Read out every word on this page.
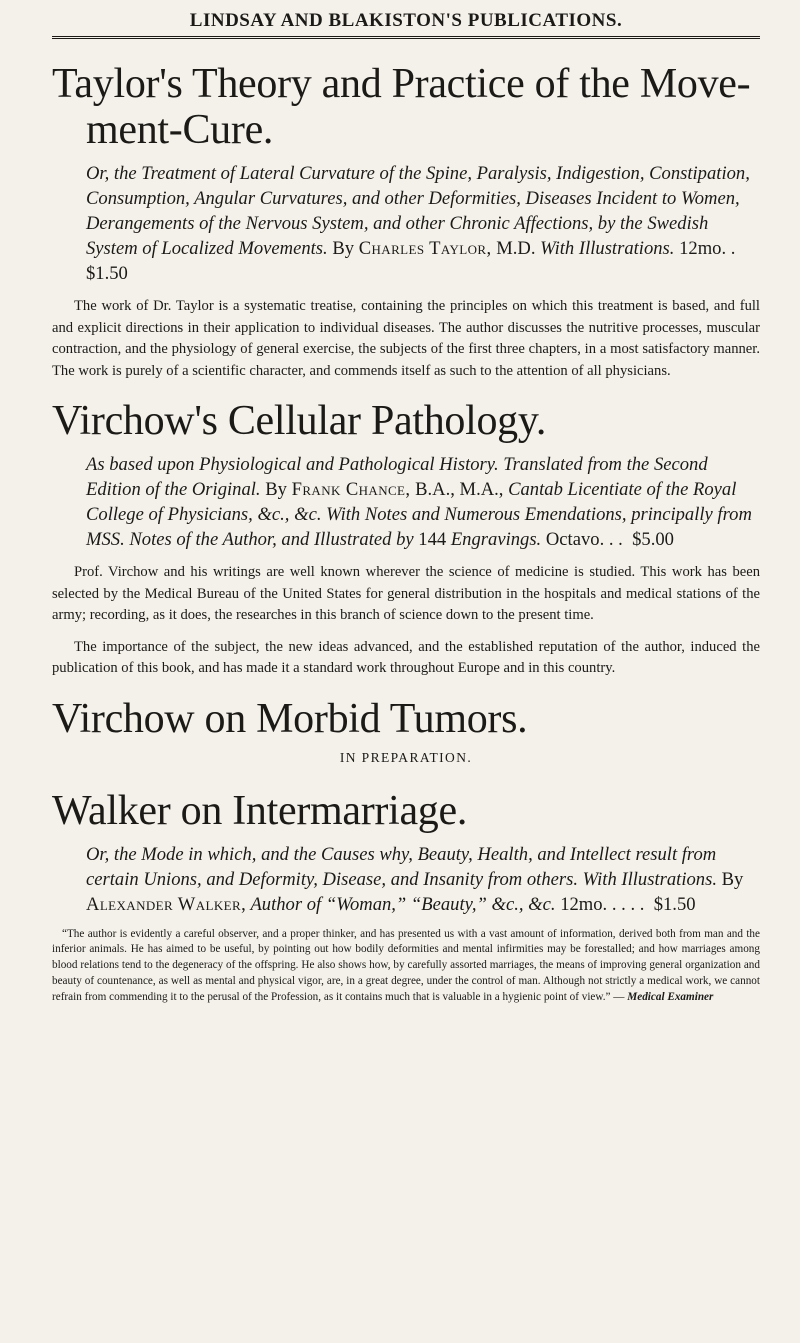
LINDSAY AND BLAKISTON'S PUBLICATIONS.
Taylor's Theory and Practice of the Move-
ment-Cure.

Or, the Treatment of Lateral Curvature of the Spine, Paralysis, Indigestion, Constipation, Consumption, Angular Curvatures, and other Deformities, Diseases Incident to Women, Derangements of the Nervous System, and other Chronic Affections, by the Swedish System of Localized Movements. By Charles Taylor, M.D. With Illustrations. 12mo. .  $1.50

The work of Dr. Taylor is a systematic treatise, containing the principles on which this treatment is based, and full and explicit directions in their application to individual diseases. The author discusses the nutritive processes, muscular contraction, and the physiology of general exercise, the subjects of the first three chapters, in a most satisfactory manner. The work is purely of a scientific character, and commends itself as such to the attention of all physicians.

Virchow's Cellular Pathology.

As based upon Physiological and Pathological History. Translated from the Second Edition of the Original. By Frank Chance, B.A., M.A., Cantab Licentiate of the Royal College of Physicians, &c., &c. With Notes and Numerous Emendations, principally from MSS. Notes of the Author, and Illustrated by 144 Engravings. Octavo. . . $5.00

Prof. Virchow and his writings are well known wherever the science of medicine is studied. This work has been selected by the Medical Bureau of the United States for general distribution in the hospitals and medical stations of the army; recording, as it does, the researches in this branch of science down to the present time.

The importance of the subject, the new ideas advanced, and the established reputation of the author, induced the publication of this book, and has made it a standard work throughout Europe and in this country.

Virchow on Morbid Tumors.

IN PREPARATION.

Walker on Intermarriage.

Or, the Mode in which, and the Causes why, Beauty, Health, and Intellect result from certain Unions, and Deformity, Disease, and Insanity from others. With Illustrations. By Alexander Walker, Author of “Woman,” “Beauty,” &c., &c. 12mo. . . . . $1.50

“The author is evidently a careful observer, and a proper thinker, and has presented us with a vast amount of information, derived both from man and the inferior animals. He has aimed to be useful, by pointing out how bodily deformities and mental infirmities may be forestalled; and how marriages among blood relations tend to the degeneracy of the offspring. He also shows how, by carefully assorted marriages, the means of improving general organization and beauty of countenance, as well as mental and physical vigor, are, in a great degree, under the control of man. Although not strictly a medical work, we cannot refrain from commending it to the perusal of the Profession, as it contains much that is valuable in a hygienic point of view.” — Medical Examiner
